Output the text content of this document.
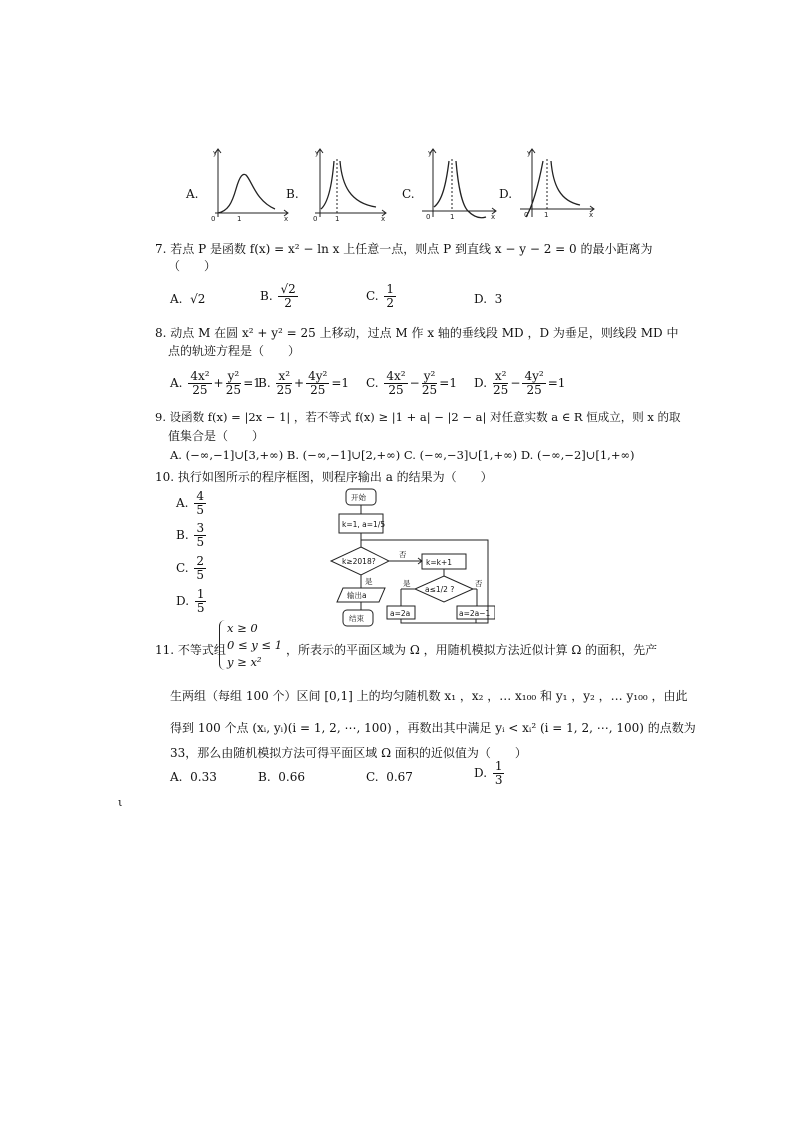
A.	B.	C.	D.
y
x
0	1
y
x
0	1
y
x
0	1
y
x
0 1
7. 若点 P 是函数 f(x) = x² − ln x 上任意一点，则点 P 到直线 x − y − 2 = 0 的最小距离为
（　　）
A. √2	B. $\frac{√2}{2}$	C. $\frac{1}{2}$	D. 3
8. 动点 M 在圆 x² + y² = 25 上移动，过点 M 作 x 轴的垂线段 MD ，D 为垂足，则线段 MD 中
点的轨迹方程是（　　）
A. $\frac{\text{4x²}}{25} + \frac{\text{y²}}{25} =1$
B. $\frac{\text{x²}}{25} + \frac{\text{4y²}}{25} =1$ C. $\frac{\text{4x²}}{25} - \frac{\text{y²}}{25} =1$ D. $\frac{\text{x²}}{25} - \frac{\text{4y²}}{25} =1$
9. 设函数 f(x) = |2x − 1| ，若不等式 f(x) ≥ |1 + a| − |2 − a| 对任意实数 a ∈ R 恒成立，则 x 的取
值集合是（　　）
A. (−∞,−1]∪[3,+∞) B. (−∞,−1]∪[2,+∞) C. (−∞,−3]∪[1,+∞) D. (−∞,−2]∪[1,+∞)
10. 执行如图所示的程序框图，则程序输出 a 的结果为（　　）
A. $\frac{4}{5}$
B. $\frac{3}{5}$
C. $\frac{2}{5}$
D. $\frac{1}{5}$
开始
k=1, a=1/5
k≥2018?
否
是
k=k+1
a≤1/2 ?
是	否
a=2a	a=2a−1
输出a
结束
11. 不等式组
x ≥ 0
0 ≤ y ≤ 1
y ≥ x²
，所表示的平面区域为 Ω ，用随机模拟方法近似计算 Ω 的面积，先产
生两组（每组 100 个）区间 [0,1] 上的均匀随机数 x₁ ，x₂ ，… x₁₀₀ 和 y₁ ，y₂ ，… y₁₀₀ ，由此
得到 100 个点 (xᵢ, yᵢ)(i = 1, 2, ⋯, 100) ，再数出其中满足 yᵢ < xᵢ² (i = 1, 2, ⋯, 100) 的点数为
33，那么由随机模拟方法可得平面区域 Ω 面积的近似值为（　　）
A. 0.33	B. 0.66	C. 0.67	D. $\frac{1}{3}$
ι
